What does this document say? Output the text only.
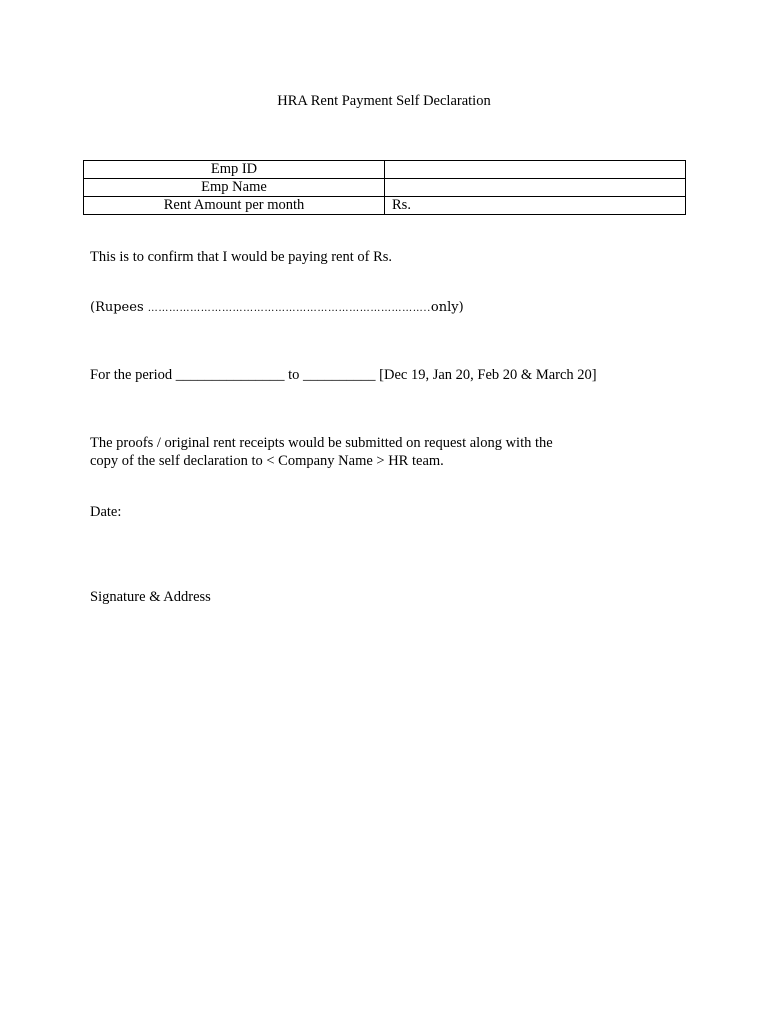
HRA Rent Payment Self Declaration
Emp ID	
Emp Name	
Rent Amount per month	Rs.
This is to confirm that I would be paying rent of Rs.
(Rupees ……………………………………………………………………..only)
For the period _______________ to __________ [Dec 19, Jan 20, Feb 20 & March 20]
The proofs / original rent receipts would be submitted on request along with the
copy of the self declaration to < Company Name > HR team.
Date:
Signature & Address
